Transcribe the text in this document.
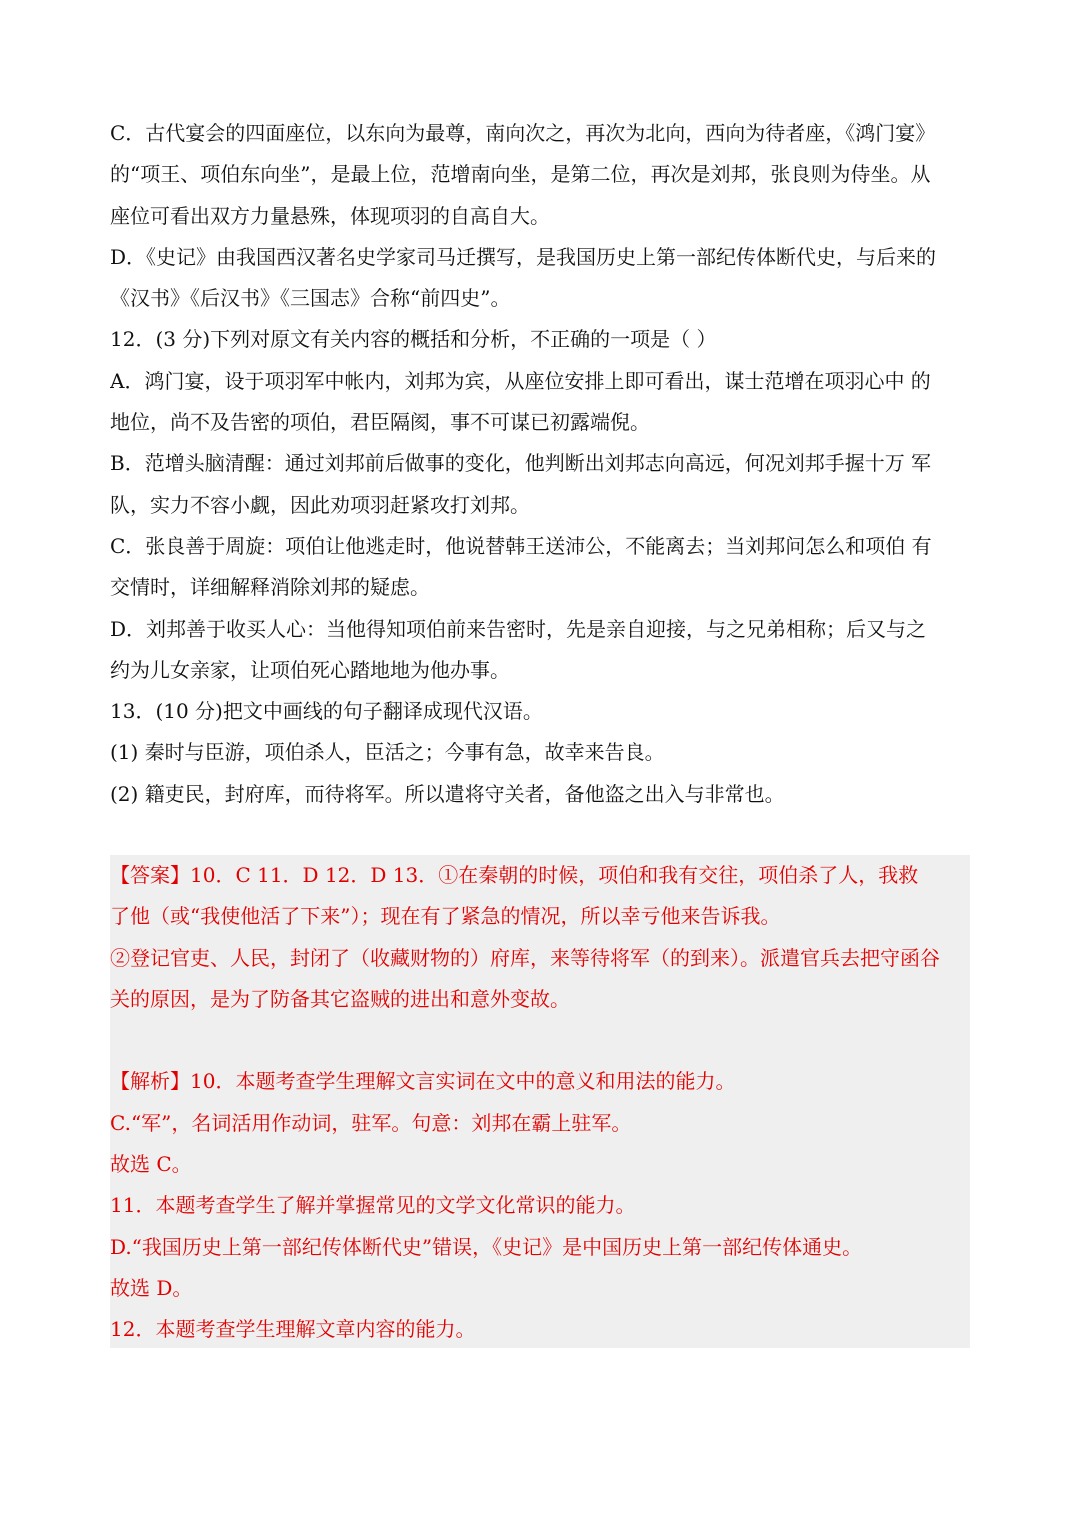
C．古代宴会的四面座位，以东向为最尊，南向次之，再次为北向，西向为待者座，《鸿门宴》
的“项王、项伯东向坐”，是最上位，范增南向坐，是第二位，再次是刘邦，张良则为侍坐。从
座位可看出双方力量悬殊，体现项羽的自高自大。
D．《史记》由我国西汉著名史学家司马迁撰写，是我国历史上第一部纪传体断代史，与后来的
《汉书》《后汉书》《三国志》合称“前四史”。
12．(3 分)下列对原文有关内容的概括和分析，不正确的一项是（ ）
A．鸿门宴，设于项羽军中帐内，刘邦为宾，从座位安排上即可看出，谋士范增在项羽心中 的
地位，尚不及告密的项伯，君臣隔阂，事不可谋已初露端倪。
B．范增头脑清醒：通过刘邦前后做事的变化，他判断出刘邦志向高远，何况刘邦手握十万 军
队，实力不容小觑，因此劝项羽赶紧攻打刘邦。
C．张良善于周旋：项伯让他逃走时，他说替韩王送沛公，不能离去；当刘邦问怎么和项伯 有
交情时，详细解释消除刘邦的疑虑。
D．刘邦善于收买人心：当他得知项伯前来告密时，先是亲自迎接，与之兄弟相称；后又与之
约为儿女亲家，让项伯死心踏地地为他办事。
13．(10 分)把文中画线的句子翻译成现代汉语。
(1) 秦时与臣游，项伯杀人，臣活之；今事有急，故幸来告良。
(2) 籍吏民，封府库，而待将军。所以遣将守关者，备他盗之出入与非常也。
【答案】10．C 11．D 12．D 13．①在秦朝的时候，项伯和我有交往，项伯杀了人，我救
了他（或“我使他活了下来”）；现在有了紧急的情况，所以幸亏他来告诉我。
②登记官吏、人民，封闭了（收藏财物的）府库，来等待将军（的到来）。派遣官兵去把守函谷
关的原因，是为了防备其它盗贼的进出和意外变故。
【解析】10．本题考查学生理解文言实词在文中的意义和用法的能力。
C.“军”，名词活用作动词，驻军。句意：刘邦在霸上驻军。
故选 C。
11．本题考查学生了解并掌握常见的文学文化常识的能力。
D.“我国历史上第一部纪传体断代史”错误，《史记》是中国历史上第一部纪传体通史。
故选 D。
12．本题考查学生理解文章内容的能力。
